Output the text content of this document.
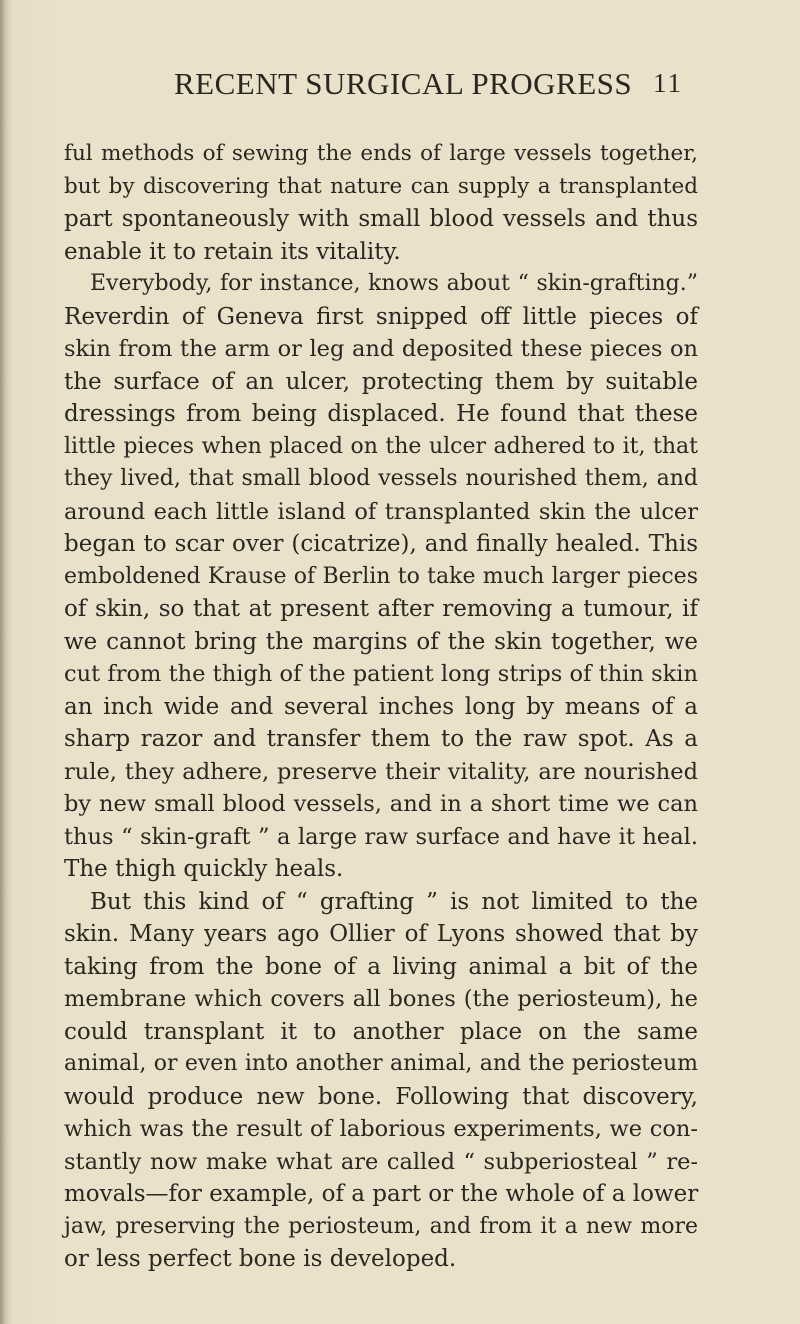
RECENT SURGICAL PROGRESS 11
ful methods of sewing the ends of large vessels together,
but by discovering that nature can supply a transplanted
part spontaneously with small blood vessels and thus
enable it to retain its vitality.
Everybody, for instance, knows about “ skin-grafting.”
Reverdin of Geneva first snipped off little pieces of
skin from the arm or leg and deposited these pieces on
the surface of an ulcer, protecting them by suitable
dressings from being displaced. He found that these
little pieces when placed on the ulcer adhered to it, that
they lived, that small blood vessels nourished them, and
around each little island of transplanted skin the ulcer
began to scar over (cicatrize), and finally healed. This
emboldened Krause of Berlin to take much larger pieces
of skin, so that at present after removing a tumour, if
we cannot bring the margins of the skin together, we
cut from the thigh of the patient long strips of thin skin
an inch wide and several inches long by means of a
sharp razor and transfer them to the raw spot. As a
rule, they adhere, preserve their vitality, are nourished
by new small blood vessels, and in a short time we can
thus “ skin-graft ” a large raw surface and have it heal.
The thigh quickly heals.
But this kind of “ grafting ” is not limited to the
skin. Many years ago Ollier of Lyons showed that by
taking from the bone of a living animal a bit of the
membrane which covers all bones (the periosteum), he
could transplant it to another place on the same
animal, or even into another animal, and the periosteum
would produce new bone. Following that discovery,
which was the result of laborious experiments, we con-
stantly now make what are called “ subperiosteal ” re-
movals—for example, of a part or the whole of a lower
jaw, preserving the periosteum, and from it a new more
or less perfect bone is developed.
